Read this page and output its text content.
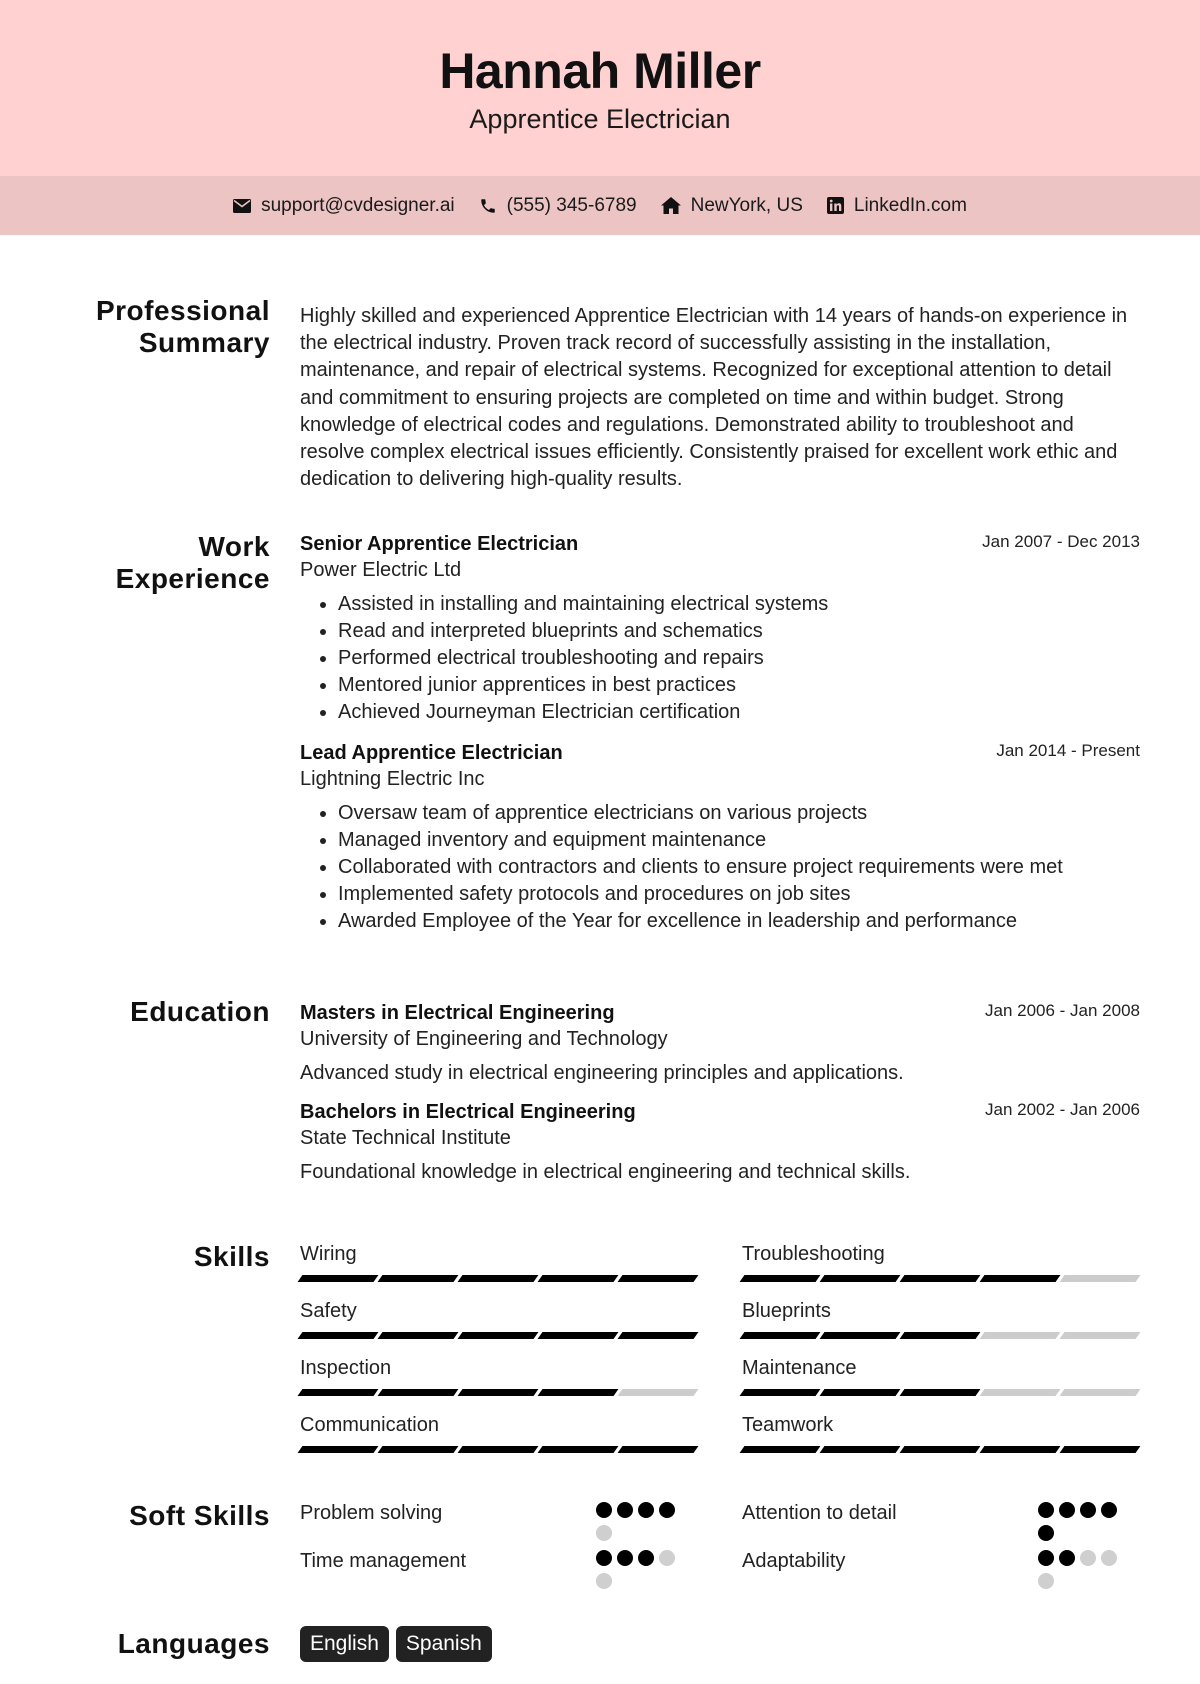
Hannah Miller
Apprentice Electrician
support@cvdesigner.ai	(555) 345-6789	NewYork, US	LinkedIn.com
Professional
Summary
Highly skilled and experienced Apprentice Electrician with 14 years of hands-on experience in the electrical industry. Proven track record of successfully assisting in the installation, maintenance, and repair of electrical systems. Recognized for exceptional attention to detail and commitment to ensuring projects are completed on time and within budget. Strong knowledge of electrical codes and regulations. Demonstrated ability to troubleshoot and resolve complex electrical issues efficiently. Consistently praised for excellent work ethic and dedication to delivering high-quality results.
Work
Experience
Senior Apprentice Electrician	Jan 2007 - Dec 2013
Power Electric Ltd
• Assisted in installing and maintaining electrical systems
• Read and interpreted blueprints and schematics
• Performed electrical troubleshooting and repairs
• Mentored junior apprentices in best practices
• Achieved Journeyman Electrician certification
Lead Apprentice Electrician	Jan 2014 - Present
Lightning Electric Inc
• Oversaw team of apprentice electricians on various projects
• Managed inventory and equipment maintenance
• Collaborated with contractors and clients to ensure project requirements were met
• Implemented safety protocols and procedures on job sites
• Awarded Employee of the Year for excellence in leadership and performance
Education Masters in Electrical Engineering	Jan 2006 - Jan 2008
University of Engineering and Technology
Advanced study in electrical engineering principles and applications.
Bachelors in Electrical Engineering	Jan 2002 - Jan 2006
State Technical Institute
Foundational knowledge in electrical engineering and technical skills.
Skills Wiring	Troubleshooting
Safety	Blueprints
Inspection	Maintenance
Communication	Teamwork
Soft Skills Problem solving	Attention to detail
Time management	Adaptability
Languages	English	Spanish
